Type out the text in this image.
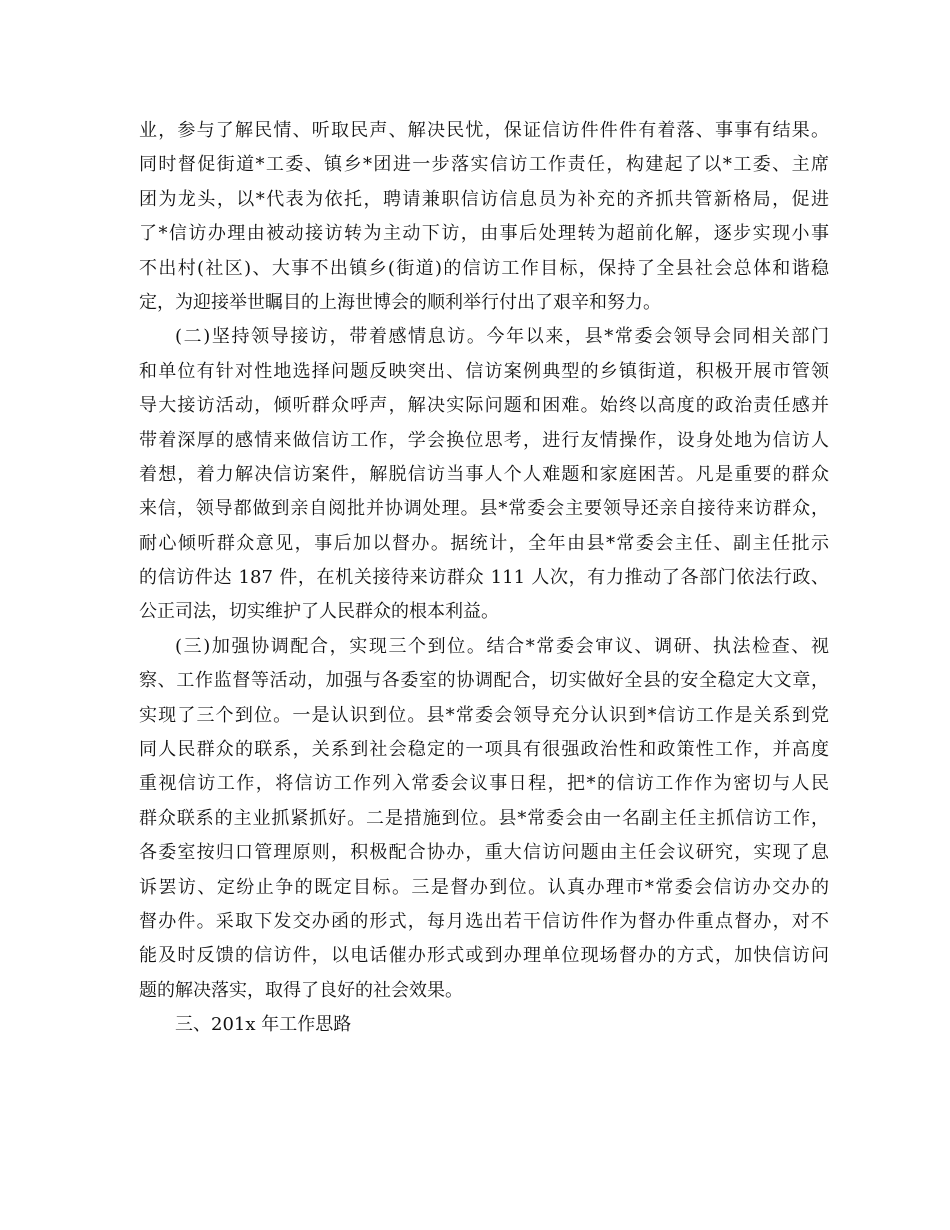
业，参与了解民情、听取民声、解决民忧，保证信访件件件有着落、事事有结果。
同时督促街道*工委、镇乡*团进一步落实信访工作责任，构建起了以*工委、主席
团为龙头，以*代表为依托，聘请兼职信访信息员为补充的齐抓共管新格局，促进
了*信访办理由被动接访转为主动下访，由事后处理转为超前化解，逐步实现小事
不出村(社区)、大事不出镇乡(街道)的信访工作目标，保持了全县社会总体和谐稳
定，为迎接举世瞩目的上海世博会的顺利举行付出了艰辛和努力。
(二)坚持领导接访，带着感情息访。今年以来，县*常委会领导会同相关部门
和单位有针对性地选择问题反映突出、信访案例典型的乡镇街道，积极开展市管领
导大接访活动，倾听群众呼声，解决实际问题和困难。始终以高度的政治责任感并
带着深厚的感情来做信访工作，学会换位思考，进行友情操作，设身处地为信访人
着想，着力解决信访案件，解脱信访当事人个人难题和家庭困苦。凡是重要的群众
来信，领导都做到亲自阅批并协调处理。县*常委会主要领导还亲自接待来访群众，
耐心倾听群众意见，事后加以督办。据统计，全年由县*常委会主任、副主任批示
的信访件达 187 件，在机关接待来访群众 111 人次，有力推动了各部门依法行政、
公正司法，切实维护了人民群众的根本利益。
(三)加强协调配合，实现三个到位。结合*常委会审议、调研、执法检查、视
察、工作监督等活动，加强与各委室的协调配合，切实做好全县的安全稳定大文章，
实现了三个到位。一是认识到位。县*常委会领导充分认识到*信访工作是关系到党
同人民群众的联系，关系到社会稳定的一项具有很强政治性和政策性工作，并高度
重视信访工作，将信访工作列入常委会议事日程，把*的信访工作作为密切与人民
群众联系的主业抓紧抓好。二是措施到位。县*常委会由一名副主任主抓信访工作，
各委室按归口管理原则，积极配合协办，重大信访问题由主任会议研究，实现了息
诉罢访、定纷止争的既定目标。三是督办到位。认真办理市*常委会信访办交办的
督办件。采取下发交办函的形式，每月选出若干信访件作为督办件重点督办，对不
能及时反馈的信访件，以电话催办形式或到办理单位现场督办的方式，加快信访问
题的解决落实，取得了良好的社会效果。
三、201x 年工作思路
